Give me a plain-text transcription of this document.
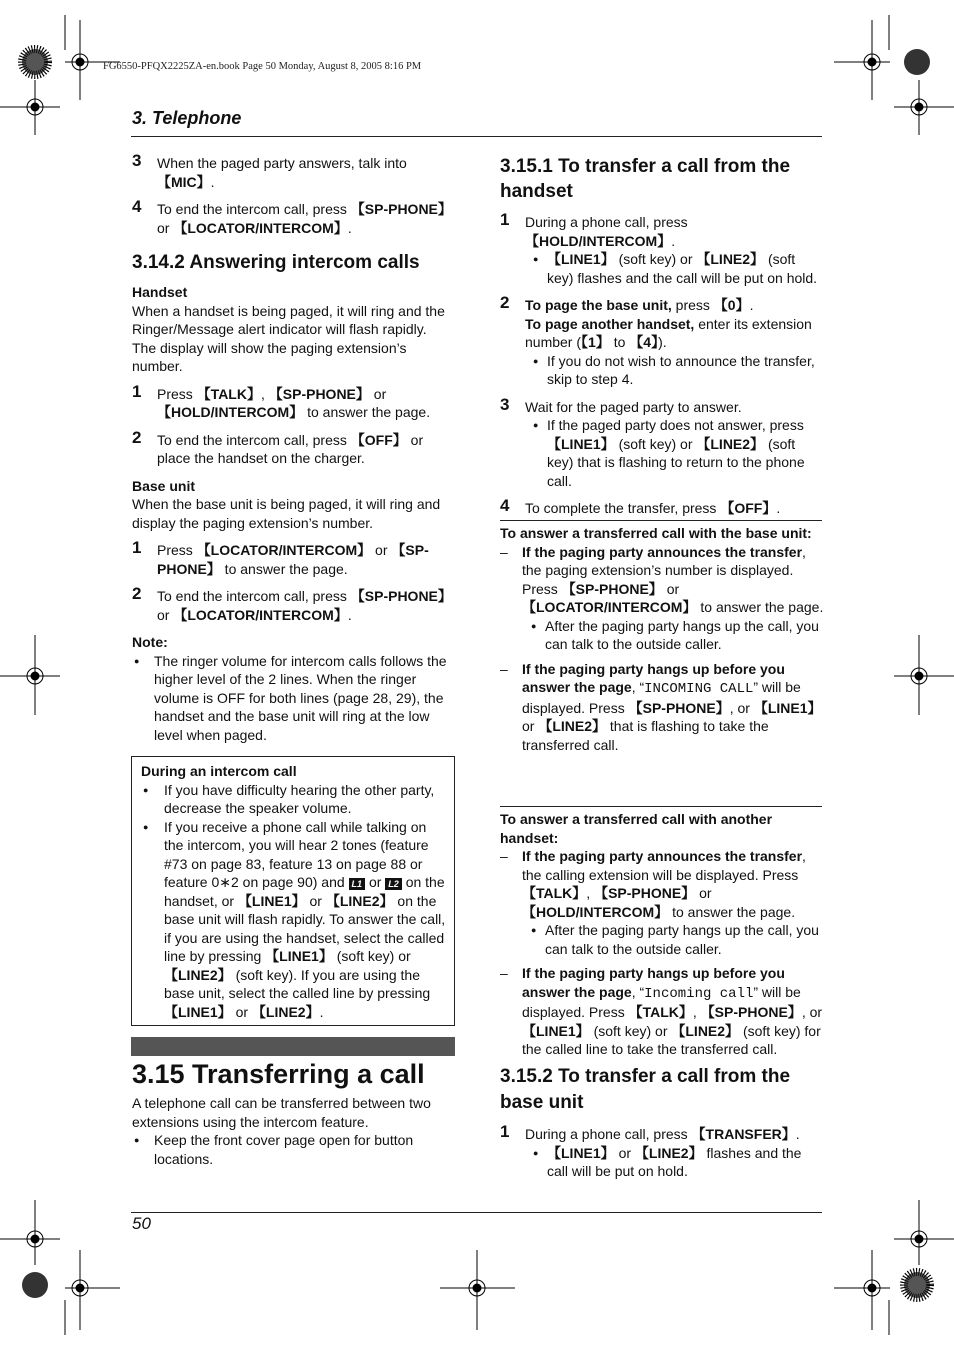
FG6550-PFQX2225ZA-en.book Page 50 Monday, August 8, 2005 8:16 PM
3. Telephone
3 When the paged party answers, talk into 【MIC】.
4 To end the intercom call, press 【SP-PHONE】 or 【LOCATOR/INTERCOM】.
3.14.2 Answering intercom calls

Handset

When a handset is being paged, it will ring and the Ringer/Message alert indicator will flash rapidly. The display will show the paging extension’s number.

1 Press 【TALK】, 【SP-PHONE】 or 【HOLD/INTERCOM】 to answer the page.
2 To end the intercom call, press 【OFF】 or place the handset on the charger.

Base unit

When the base unit is being paged, it will ring and display the paging extension’s number.

1 Press 【LOCATOR/INTERCOM】 or 【SP-PHONE】 to answer the page.
2 To end the intercom call, press 【SP-PHONE】 or 【LOCATOR/INTERCOM】.

Note:

● The ringer volume for intercom calls follows the higher level of the 2 lines. When the ringer volume is OFF for both lines (page 28, 29), the handset and the base unit will ring at the low level when paged.

During an intercom call

● If you have difficulty hearing the other party, decrease the speaker volume.
● If you receive a phone call while talking on the intercom, you will hear 2 tones (feature #73 on page 83, feature 13 on page 88 or feature 0∗2 on page 90) and L1 or L2 on the handset, or 【LINE1】 or 【LINE2】 on the base unit will flash rapidly. To answer the call, if you are using the handset, select the called line by pressing 【LINE1】 (soft key) or 【LINE2】 (soft key). If you are using the base unit, select the called line by pressing 【LINE1】 or 【LINE2】.
3.15 Transferring a call

A telephone call can be transferred between two extensions using the intercom feature.

● Keep the front cover page open for button locations.
3.15.1 To transfer a call from the handset
1 During a phone call, press 【HOLD/INTERCOM】.
● 【LINE1】 (soft key) or 【LINE2】 (soft key) flashes and the call will be put on hold.
2 To page the base unit, press 【0】.
To page another handset, enter its extension number (【1】 to 【4】).
● If you do not wish to announce the transfer, skip to step 4.
3 Wait for the paged party to answer.
● If the paged party does not answer, press 【LINE1】 (soft key) or 【LINE2】 (soft key) that is flashing to return to the phone call.
4 To complete the transfer, press 【OFF】.

To answer a transferred call with the base unit:

– If the paging party announces the transfer, the paging extension’s number is displayed. Press 【SP-PHONE】 or 【LOCATOR/INTERCOM】 to answer the page.
● After the paging party hangs up the call, you can talk to the outside caller.
– If the paging party hangs up before you answer the page, “INCOMING CALL” will be displayed. Press 【SP-PHONE】, or 【LINE1】 or 【LINE2】 that is flashing to take the transferred call.

To answer a transferred call with another handset:

– If the paging party announces the transfer, the calling extension will be displayed. Press 【TALK】, 【SP-PHONE】 or 【HOLD/INTERCOM】 to answer the page.
● After the paging party hangs up the call, you can talk to the outside caller.
– If the paging party hangs up before you answer the page, “Incoming call” will be displayed. Press 【TALK】, 【SP-PHONE】, or 【LINE1】 (soft key) or 【LINE2】 (soft key) for the called line to take the transferred call.
3.15.2 To transfer a call from the base unit
1 During a phone call, press 【TRANSFER】.
● 【LINE1】 or 【LINE2】 flashes and the call will be put on hold.
50
